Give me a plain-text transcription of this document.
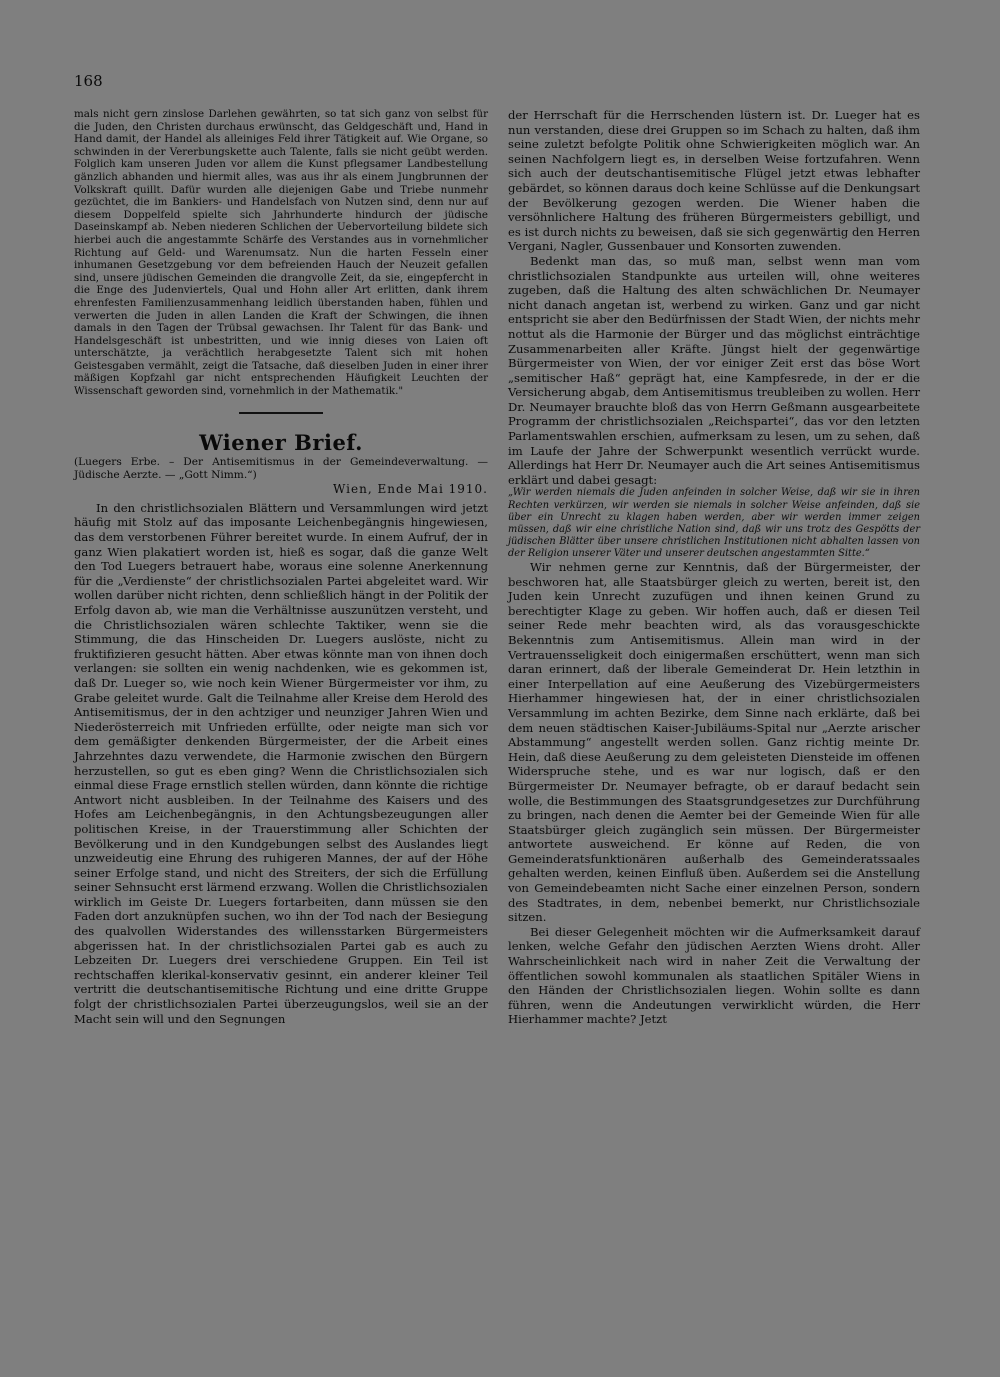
168

mals nicht gern zinslose Darlehen gewährten, so tat sich ganz von selbst für die Juden, den Christen durchaus erwünscht, das Geldgeschäft und, Hand in Hand damit, der Handel als alleiniges Feld ihrer Tätigkeit auf. Wie Organe, so schwinden in der Vererbungskette auch Talente, falls sie nicht geübt werden. Folglich kam unseren Juden vor allem die Kunst pflegsamer Landbestellung gänzlich abhanden und hiermit alles, was aus ihr als einem Jungbrunnen der Volkskraft quillt. Dafür wurden alle diejenigen Gabe und Triebe nunmehr gezüchtet, die im Bankiers- und Handelsfach von Nutzen sind, denn nur auf diesem Doppelfeld spielte sich Jahrhunderte hindurch der jüdische Daseinskampf ab. Neben niederen Schlichen der Uebervorteilung bildete sich hierbei auch die angestammte Schärfe des Verstandes aus in vornehmlicher Richtung auf Geld- und Warenumsatz. Nun die harten Fesseln einer inhumanen Gesetzgebung vor dem befreienden Hauch der Neuzeit gefallen sind, unsere jüdischen Gemeinden die drangvolle Zeit, da sie, eingepfercht in die Enge des Judenviertels, Qual und Hohn aller Art erlitten, dank ihrem ehrenfesten Familienzusammenhang leidlich überstanden haben, fühlen und verwerten die Juden in allen Landen die Kraft der Schwingen, die ihnen damals in den Tagen der Trübsal gewachsen. Ihr Talent für das Bank- und Handelsgeschäft ist unbestritten, und wie innig dieses von Laien oft unterschätzte, ja verächtlich herabgesetzte Talent sich mit hohen Geistesgaben vermählt, zeigt die Tatsache, daß dieselben Juden in einer ihrer mäßigen Kopfzahl gar nicht entsprechenden Häufigkeit Leuchten der Wissenschaft geworden sind, vornehmlich in der Mathematik."

Wiener Brief.

(Luegers Erbe. – Der Antisemitismus in der Gemeindeverwaltung. — Jüdische Aerzte. — „Gott Nimm.“)

Wien, Ende Mai 1910.

In den christlichsozialen Blättern und Versammlungen wird jetzt häufig mit Stolz auf das imposante Leichenbegängnis hingewiesen, das dem verstorbenen Führer bereitet wurde. In einem Aufruf, der in ganz Wien plakatiert worden ist, hieß es sogar, daß die ganze Welt den Tod Luegers betrauert habe, woraus eine solenne Anerkennung für die „Verdienste“ der christlichsozialen Partei abgeleitet ward. Wir wollen darüber nicht richten, denn schließlich hängt in der Politik der Erfolg davon ab, wie man die Verhältnisse auszunützen versteht, und die Christlichsozialen wären schlechte Taktiker, wenn sie die Stimmung, die das Hinscheiden Dr. Luegers auslöste, nicht zu fruktifizieren gesucht hätten. Aber etwas könnte man von ihnen doch verlangen: sie sollten ein wenig nachdenken, wie es gekommen ist, daß Dr. Lueger so, wie noch kein Wiener Bürgermeister vor ihm, zu Grabe geleitet wurde. Galt die Teilnahme aller Kreise dem Herold des Antisemitismus, der in den achtziger und neunziger Jahren Wien und Niederösterreich mit Unfrieden erfüllte, oder neigte man sich vor dem gemäßigter denkenden Bürgermeister, der die Arbeit eines Jahrzehntes dazu verwendete, die Harmonie zwischen den Bürgern herzustellen, so gut es eben ging? Wenn die Christlichsozialen sich einmal diese Frage ernstlich stellen würden, dann könnte die richtige Antwort nicht ausbleiben. In der Teilnahme des Kaisers und des Hofes am Leichenbegängnis, in den Achtungsbezeugungen aller politischen Kreise, in der Trauerstimmung aller Schichten der Bevölkerung und in den Kundgebungen selbst des Auslandes liegt unzweideutig eine Ehrung des ruhigeren Mannes, der auf der Höhe seiner Erfolge stand, und nicht des Streiters, der sich die Erfüllung seiner Sehnsucht erst lärmend erzwang. Wollen die Christlichsozialen wirklich im Geiste Dr. Luegers fortarbeiten, dann müssen sie den Faden dort anzuknüpfen suchen, wo ihn der Tod nach der Besiegung des qualvollen Widerstandes des willensstarken Bürgermeisters abgerissen hat. In der christlichsozialen Partei gab es auch zu Lebzeiten Dr. Luegers drei verschiedene Gruppen. Ein Teil ist rechtschaffen klerikal-konservativ gesinnt, ein anderer kleiner Teil vertritt die deutschantisemitische Richtung und eine dritte Gruppe folgt der christlichsozialen Partei überzeugungslos, weil sie an der Macht sein will und den Segnungen

der Herrschaft für die Herrschenden lüstern ist. Dr. Lueger hat es nun verstanden, diese drei Gruppen so im Schach zu halten, daß ihm seine zuletzt befolgte Politik ohne Schwierigkeiten möglich war. An seinen Nachfolgern liegt es, in derselben Weise fortzufahren. Wenn sich auch der deutschantisemitische Flügel jetzt etwas lebhafter gebärdet, so können daraus doch keine Schlüsse auf die Denkungsart der Bevölkerung gezogen werden. Die Wiener haben die versöhnlichere Haltung des früheren Bürgermeisters gebilligt, und es ist durch nichts zu beweisen, daß sie sich gegenwärtig den Herren Vergani, Nagler, Gussenbauer und Konsorten zuwenden.

Bedenkt man das, so muß man, selbst wenn man vom christlichsozialen Standpunkte aus urteilen will, ohne weiteres zugeben, daß die Haltung des alten schwächlichen Dr. Neumayer nicht danach angetan ist, werbend zu wirken. Ganz und gar nicht entspricht sie aber den Bedürfnissen der Stadt Wien, der nichts mehr nottut als die Harmonie der Bürger und das möglichst einträchtige Zusammenarbeiten aller Kräfte. Jüngst hielt der gegenwärtige Bürgermeister von Wien, der vor einiger Zeit erst das böse Wort „semitischer Haß“ geprägt hat, eine Kampfesrede, in der er die Versicherung abgab, dem Antisemitismus treubleiben zu wollen. Herr Dr. Neumayer brauchte bloß das von Herrn Geßmann ausgearbeitete Programm der christlichsozialen „Reichspartei“, das vor den letzten Parlamentswahlen erschien, aufmerksam zu lesen, um zu sehen, daß im Laufe der Jahre der Schwerpunkt wesentlich verrückt wurde. Allerdings hat Herr Dr. Neumayer auch die Art seines Antisemitismus erklärt und dabei gesagt:

„Wir werden niemals die Juden anfeinden in solcher Weise, daß wir sie in ihren Rechten verkürzen, wir werden sie niemals in solcher Weise anfeinden, daß sie über ein Unrecht zu klagen haben werden, aber wir werden immer zeigen müssen, daß wir eine christliche Nation sind, daß wir uns trotz des Gespötts der jüdischen Blätter über unsere christlichen Institutionen nicht abhalten lassen von der Religion unserer Väter und unserer deutschen angestammten Sitte.“

Wir nehmen gerne zur Kenntnis, daß der Bürgermeister, der beschworen hat, alle Staatsbürger gleich zu werten, bereit ist, den Juden kein Unrecht zuzufügen und ihnen keinen Grund zu berechtigter Klage zu geben. Wir hoffen auch, daß er diesen Teil seiner Rede mehr beachten wird, als das vorausgeschickte Bekenntnis zum Antisemitismus. Allein man wird in der Vertrauensseligkeit doch einigermaßen erschüttert, wenn man sich daran erinnert, daß der liberale Gemeinderat Dr. Hein letzthin in einer Interpellation auf eine Aeußerung des Vizebürgermeisters Hierhammer hingewiesen hat, der in einer christlichsozialen Versammlung im achten Bezirke, dem Sinne nach erklärte, daß bei dem neuen städtischen Kaiser-Jubiläums-Spital nur „Aerzte arischer Abstammung“ angestellt werden sollen. Ganz richtig meinte Dr. Hein, daß diese Aeußerung zu dem geleisteten Diensteide im offenen Widerspruche stehe, und es war nur logisch, daß er den Bürgermeister Dr. Neumayer befragte, ob er darauf bedacht sein wolle, die Bestimmungen des Staatsgrundgesetzes zur Durchführung zu bringen, nach denen die Aemter bei der Gemeinde Wien für alle Staatsbürger gleich zugänglich sein müssen. Der Bürgermeister antwortete ausweichend. Er könne auf Reden, die von Gemeinderatsfunktionären außerhalb des Gemeinderatssaales gehalten werden, keinen Einfluß üben. Außerdem sei die Anstellung von Gemeindebeamten nicht Sache einer einzelnen Person, sondern des Stadtrates, in dem, nebenbei bemerkt, nur Christlichsoziale sitzen.

Bei dieser Gelegenheit möchten wir die Aufmerksamkeit darauf lenken, welche Gefahr den jüdischen Aerzten Wiens droht. Aller Wahrscheinlichkeit nach wird in naher Zeit die Verwaltung der öffentlichen sowohl kommunalen als staatlichen Spitäler Wiens in den Händen der Christlichsozialen liegen. Wohin sollte es dann führen, wenn die Andeutungen verwirklicht würden, die Herr Hierhammer machte? Jetzt
